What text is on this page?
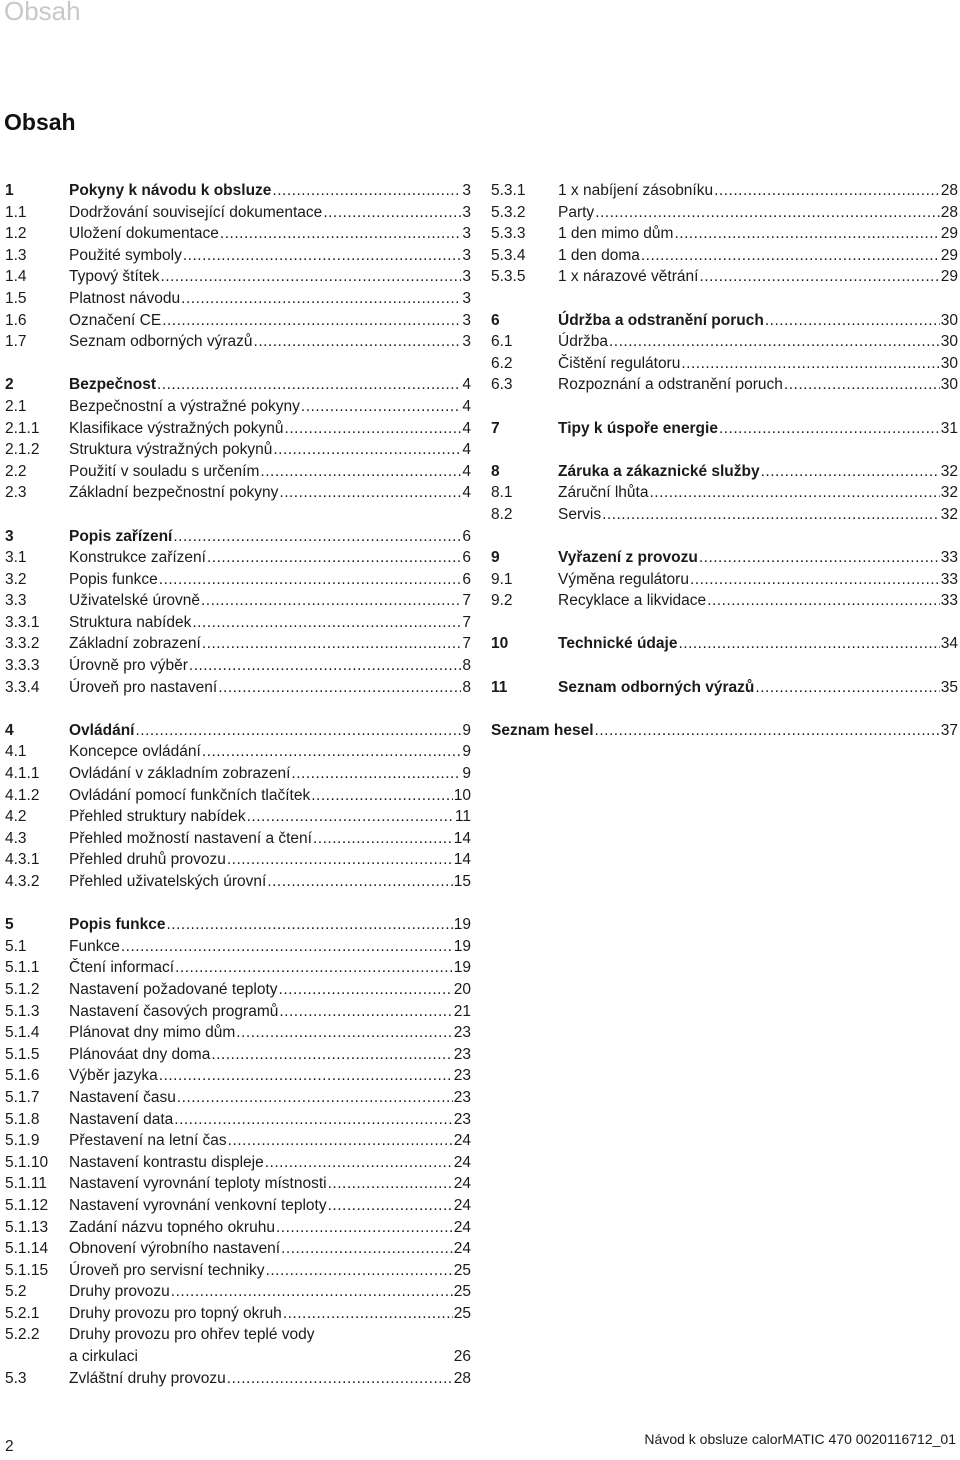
Obsah
Obsah
1	Pokyny k návodu k obsluze .....	3
1.1	Dodržování související dokumentace .....	3
1.2	Uložení dokumentace .....	3
1.3	Použité symboly .....	3
1.4	Typový štítek .....	3
1.5	Platnost návodu .....	3
1.6	Označení CE .....	3
1.7	Seznam odborných výrazů .....	3
2	Bezpečnost .....	4
2.1	Bezpečnostní a výstražné pokyny .....	4
2.1.1 Klasifikace výstražných pokynů .....	4
2.1.2 Struktura výstražných pokynů .....	4
2.2	Použití v souladu s určením .....	4
2.3	Základní bezpečnostní pokyny .....	4
3	Popis zařízení .....	6
3.1	Konstrukce zařízení .....	6
3.2	Popis funkce .....	6
3.3	Uživatelské úrovně .....	7
3.3.1 Struktura nabídek .....	7
3.3.2 Základní zobrazení .....	7
3.3.3 Úrovně pro výběr .....	8
3.3.4 Úroveň pro nastavení .....	8
4	Ovládání .....	9
4.1	Koncepce ovládání .....	9
4.1.1 Ovládání v základním zobrazení .....	9
4.1.2 Ovládání pomocí funkčních tlačítek .....	10
4.2	Přehled struktury nabídek .....	11
4.3	Přehled možností nastavení a čtení .....	14
4.3.1 Přehled druhů provozu .....	14
4.3.2 Přehled uživatelských úrovní .....	15
5	Popis funkce .....	19
5.1	Funkce .....	19
5.1.1 Čtení informací .....	19
5.1.2 Nastavení požadované teploty .....	20
5.1.3 Nastavení časových programů .....	21
5.1.4 Plánovat dny mimo dům .....	23
5.1.5 Plánováat dny doma .....	23
5.1.6 Výběr jazyka .....	23
5.1.7 Nastavení času .....	23
5.1.8 Nastavení data .....	23
5.1.9 Přestavení na letní čas .....	24
5.1.10 Nastavení kontrastu displeje .....	24
5.1.11 Nastavení vyrovnání teploty místnosti .....	24
5.1.12 Nastavení vyrovnání venkovní teploty .....	24
5.1.13 Zadání názvu topného okruhu .....	24
5.1.14 Obnovení výrobního nastavení .....	24
5.1.15 Úroveň pro servisní techniky .....	25
5.2	Druhy provozu .....	25
5.2.1 Druhy provozu pro topný okruh .....	25
5.2.2 Druhy provozu pro ohřev teplé vody
a cirkulaci	26
5.3	Zvláštní druhy provozu .....	28
5.3.1 1 x nabíjení zásobníku .....	28
5.3.2 Party .....	28
5.3.3 1 den mimo dům .....	29
5.3.4 1 den doma .....	29
5.3.5 1 x nárazové větrání .....	29
6	Údržba a odstranění poruch .....	30
6.1	Údržba .....	30
6.2	Čištění regulátoru .....	30
6.3	Rozpoznání a odstranění poruch .....	30
7	Tipy k úspoře energie .....	31
8	Záruka a zákaznické služby .....	32
8.1	Záruční lhůta .....	32
8.2	Servis .....	32
9	Vyřazení z provozu .....	33
9.1	Výměna regulátoru .....	33
9.2	Recyklace a likvidace .....	33
10	Technické údaje .....	34
11	Seznam odborných výrazů .....	35
Seznam hesel .....	37
2	Návod k obsluze calorMATIC 470 0020116712_01
